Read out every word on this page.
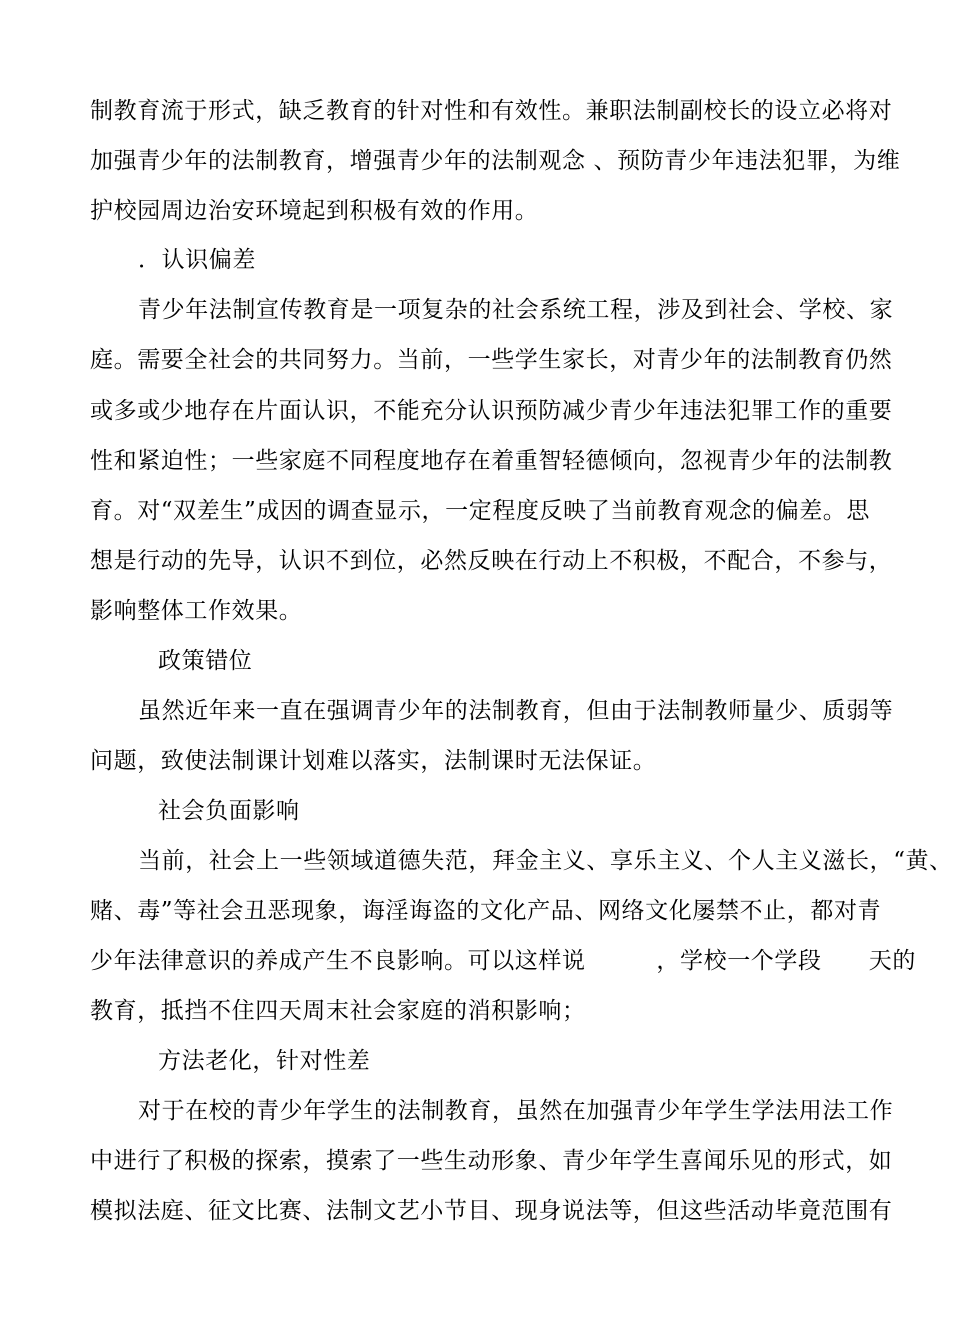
制教育流于形式，缺乏教育的针对性和有效性。兼职法制副校长的设立必将对
加强青少年的法制教育，增强青少年的法制观念 、预防青少年违法犯罪，为维
护校园周边治安环境起到积极有效的作用。
．认识偏差
青少年法制宣传教育是一项复杂的社会系统工程，涉及到社会、学校、家
庭。需要全社会的共同努力。当前，一些学生家长，对青少年的法制教育仍然
或多或少地存在片面认识，不能充分认识预防减少青少年违法犯罪工作的重要
性和紧迫性；一些家庭不同程度地存在着重智轻德倾向，忽视青少年的法制教
育。对“双差生”成因的调查显示，一定程度反映了当前教育观念的偏差。思
想是行动的先导，认识不到位，必然反映在行动上不积极，不配合，不参与，
影响整体工作效果。
政策错位
虽然近年来一直在强调青少年的法制教育，但由于法制教师量少、质弱等
问题，致使法制课计划难以落实，法制课时无法保证。
社会负面影响
当前，社会上一些领域道德失范，拜金主义、享乐主义、个人主义滋长，“黄、
赌、毒”等社会丑恶现象，诲淫诲盗的文化产品、网络文化屡禁不止，都对青
少年法律意识的养成产生不良影响。可以这样说　　　，学校一个学段　　天的
教育，抵挡不住四天周末社会家庭的消积影响；
方法老化，针对性差
对于在校的青少年学生的法制教育，虽然在加强青少年学生学法用法工作
中进行了积极的探索，摸索了一些生动形象、青少年学生喜闻乐见的形式，如
模拟法庭、征文比赛、法制文艺小节目、现身说法等，但这些活动毕竟范围有
